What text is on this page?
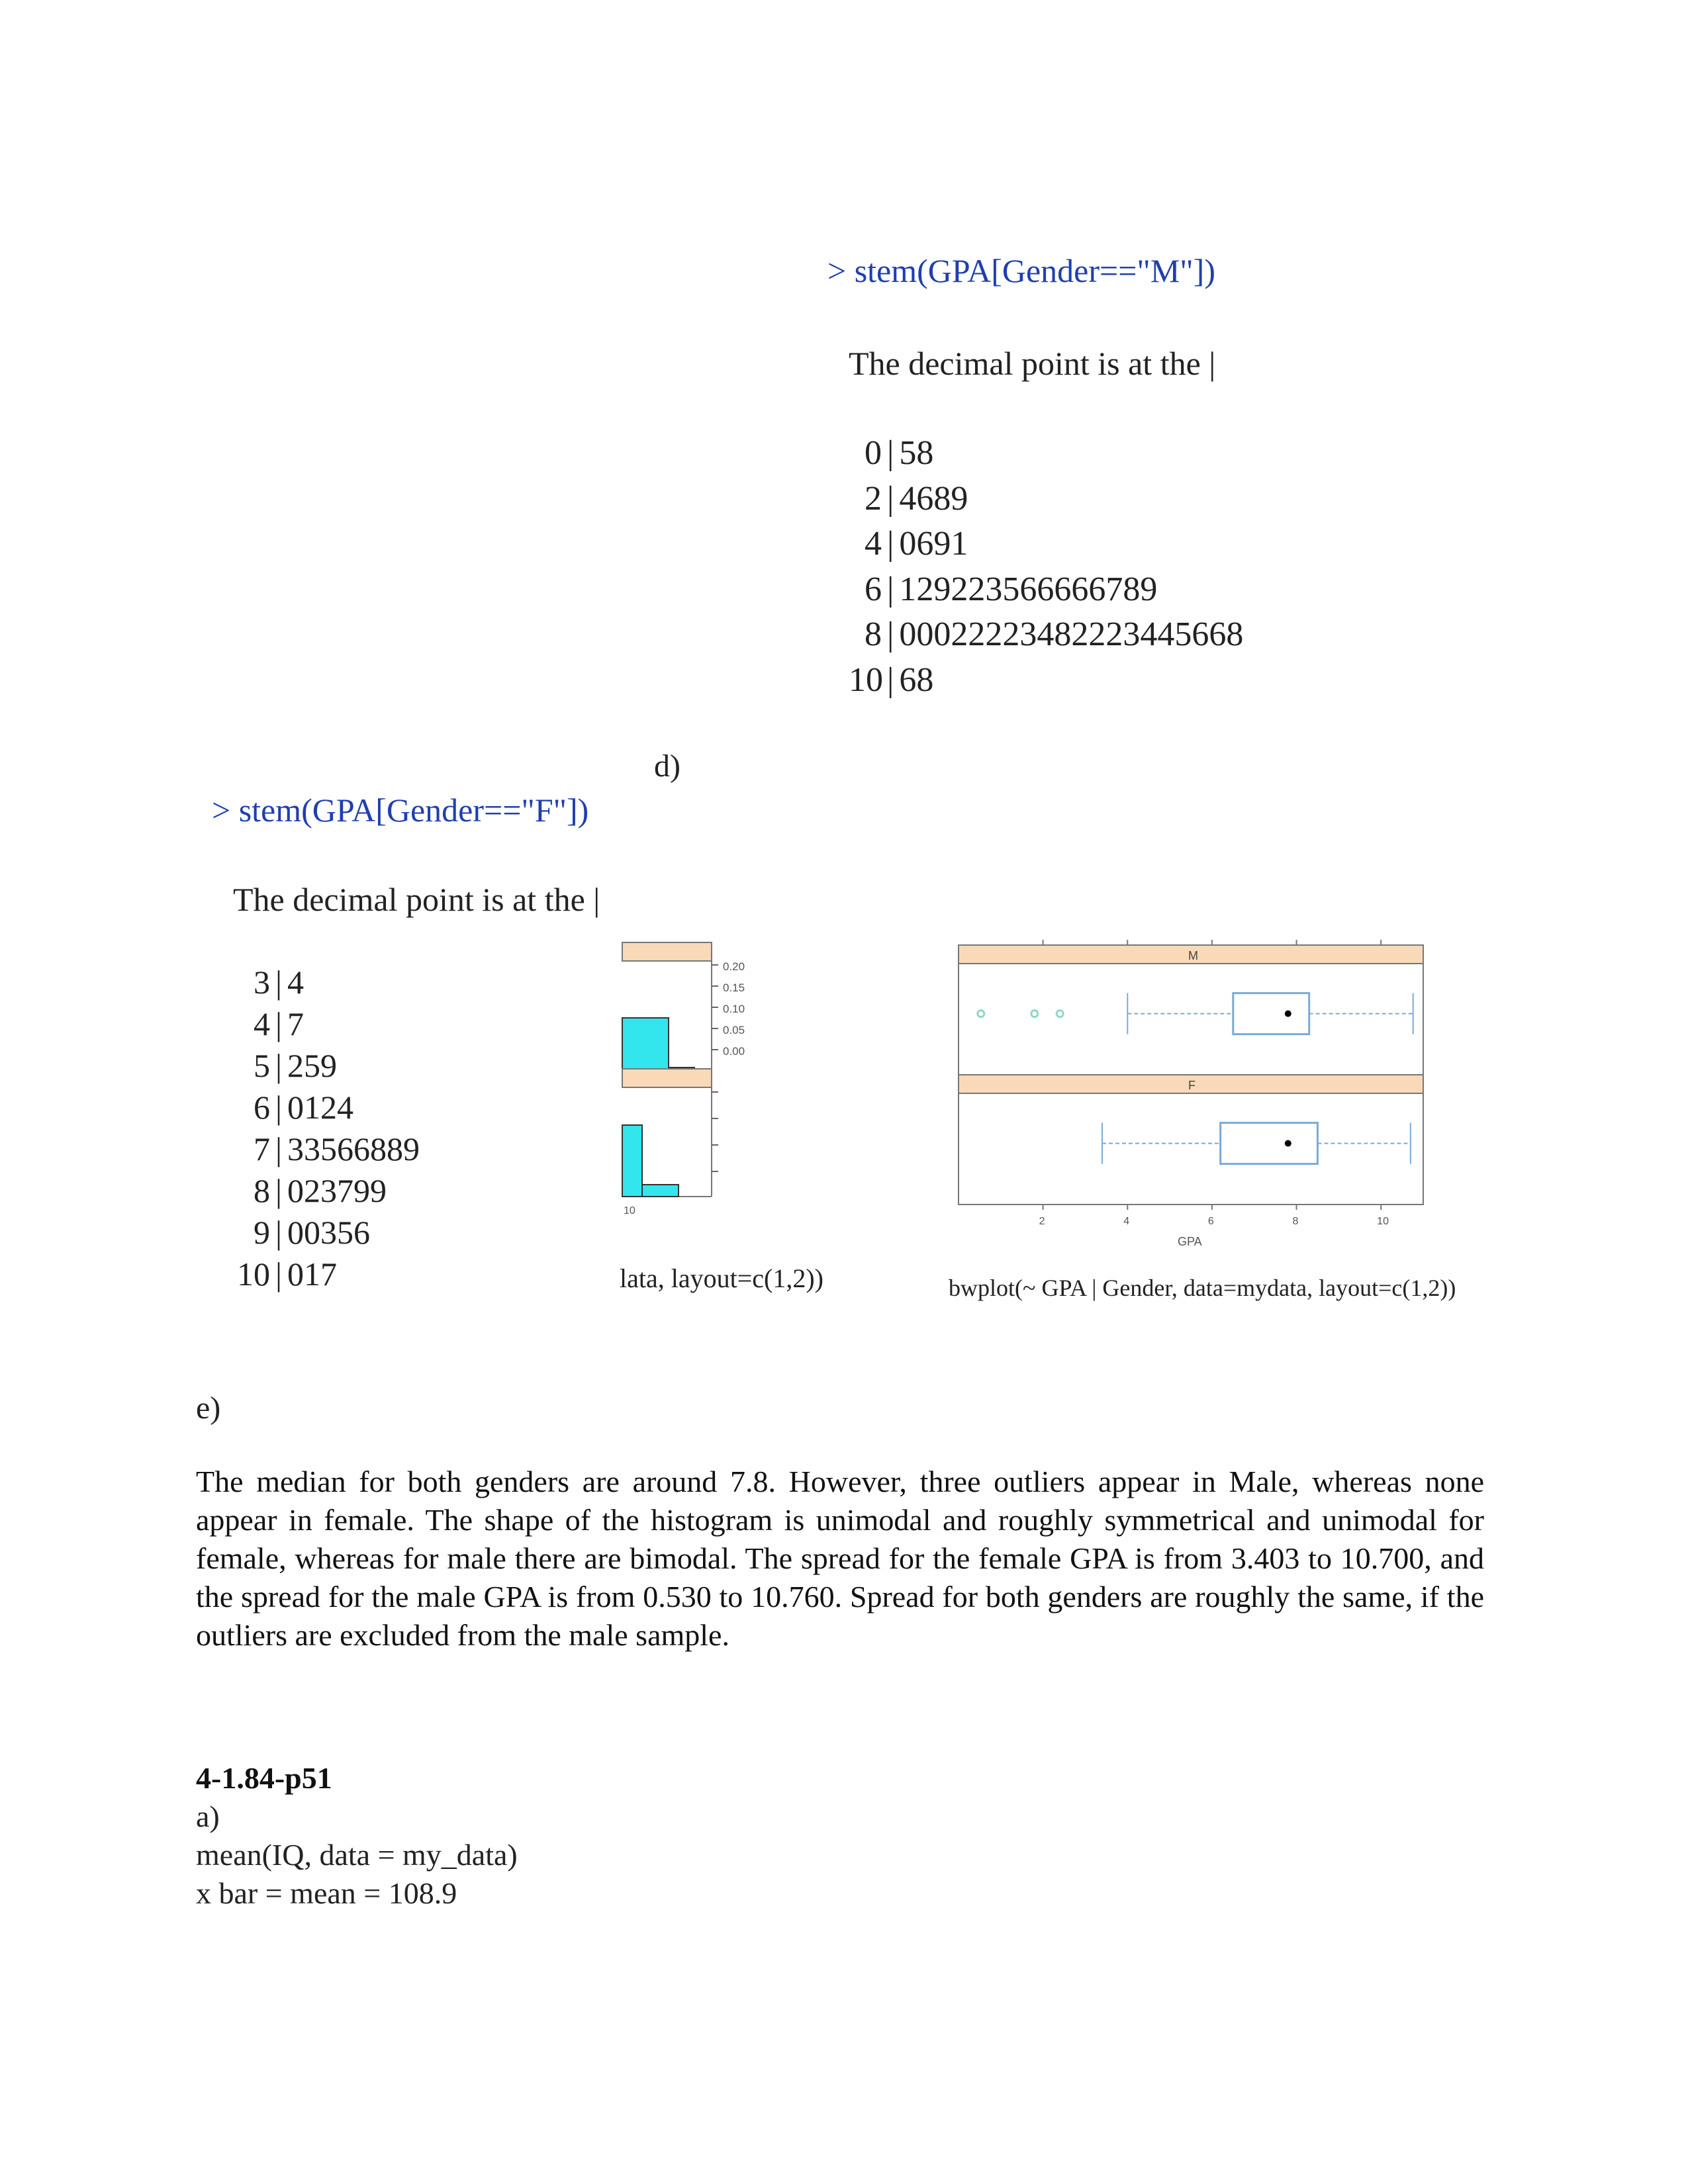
> stem(GPA[Gender=="M"])
The decimal point is at the |
0 | 58
2 | 4689
4 | 0691
6 | 129223566666789
8 | 00022223482223445668
10 | 68
d)
> stem(GPA[Gender=="F"])
The decimal point is at the |
3 | 4
4 | 7
5 | 259
6 | 0124
7 | 33566889
8 | 023799
9 | 00356
10 | 017
0.20
0.15
0.10
0.05
0.00
10
lata, layout=c(1,2))
M
F
2	4	6	8	10
GPA
bwplot(~ GPA | Gender, data=mydata, layout=c(1,2))
e)
The median for both genders are around 7.8. However, three outliers appear in Male, whereas none appear in female. The shape of the histogram is unimodal and roughly symmetrical and unimodal for female, whereas for male there are bimodal. The spread for the female GPA is from 3.403 to 10.700, and the spread for the male GPA is from 0.530 to 10.760. Spread for both genders are roughly the same, if the outliers are excluded from the male sample.
4-1.84-p51
a)
mean(IQ, data = my_data)
x bar = mean = 108.9
